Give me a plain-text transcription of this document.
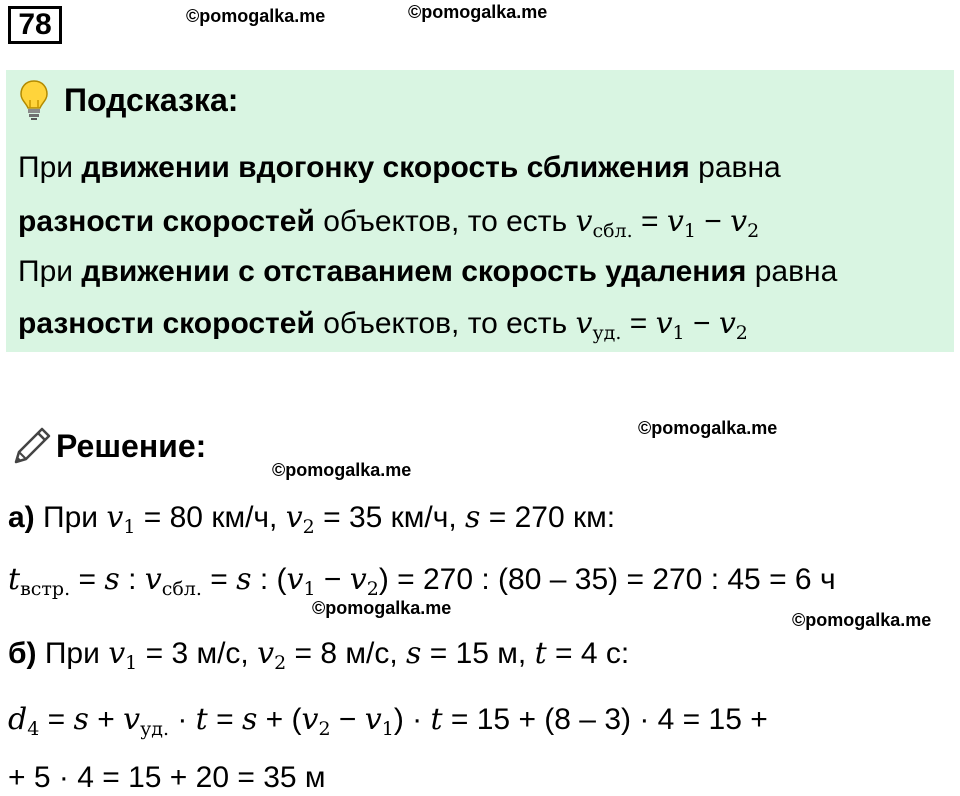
78	©pomogalka.me	©pomogalka.me
©pomogalka.me
©pomogalka.me
©pomogalka.me
©pomogalka.me
Подсказка:
При движении вдогонку скорость сближения равна
разности скоростей объектов, то есть $v_{сбл.} = v_1 - v_2$
При движении с отставанием скорость удаления равна
разности скоростей объектов, то есть $v_{уд.} = v_1 - v_2$
Решение:
а) При $v_1 = 80$ км/ч, $v_2 = 35$ км/ч, s = 270 км:
$t_{встр.} = s$ : $v_{сбл.} = s$ : $(v_1 - v_2) = 270$ : (80 – 35) = 270 : 45 = 6 ч
б) При $v_1 = 3$ м/с, $v_2 = 8$ м/с, s = 15 м, t = 4 с:
$d_4 = s + v_{уд.} \cdot t = s + (v_2 - v_1) \cdot t = 15 + (8 - 3) \cdot 4 = 15$ +
+ 5 · 4 = 15 + 20 = 35 м
